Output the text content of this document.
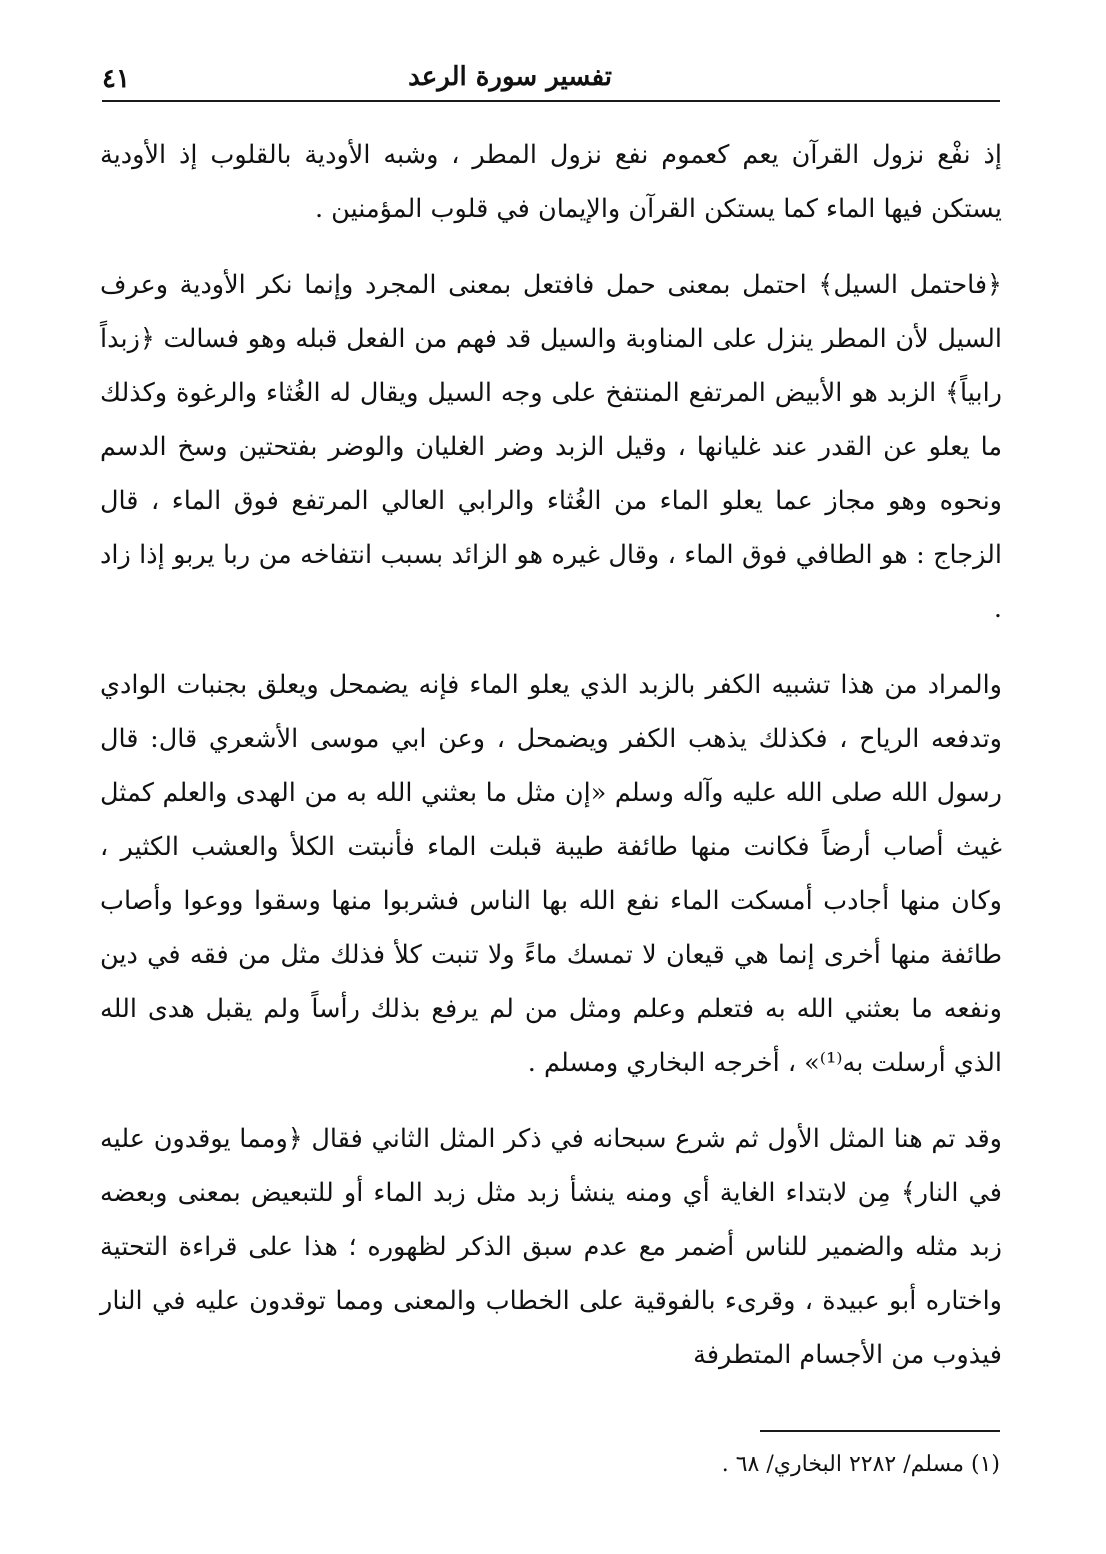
تفسير سورة الرعد
٤١

إذ نفْع نزول القرآن يعم كعموم نفع نزول المطر ، وشبه الأودية بالقلوب إذ الأودية يستكن فيها الماء كما يستكن القرآن والإيمان في قلوب المؤمنين .

﴿فاحتمل السيل﴾ احتمل بمعنى حمل فافتعل بمعنى المجرد وإنما نكر الأودية وعرف السيل لأن المطر ينزل على المناوبة والسيل قد فهم من الفعل قبله وهو فسالت ﴿زبداً رابياً﴾ الزبد هو الأبيض المرتفع المنتفخ على وجه السيل ويقال له الغُثاء والرغوة وكذلك ما يعلو عن القدر عند غليانها ، وقيل الزبد وضر الغليان والوضر بفتحتين وسخ الدسم ونحوه وهو مجاز عما يعلو الماء من الغُثاء والرابي العالي المرتفع فوق الماء ، قال الزجاج : هو الطافي فوق الماء ، وقال غيره هو الزائد بسبب انتفاخه من ربا يربو إذا زاد .

والمراد من هذا تشبيه الكفر بالزبد الذي يعلو الماء فإنه يضمحل ويعلق بجنبات الوادي وتدفعه الرياح ، فكذلك يذهب الكفر ويضمحل ، وعن ابي موسى الأشعري قال: قال رسول الله صلى الله عليه وآله وسلم «إن مثل ما بعثني الله به من الهدى والعلم كمثل غيث أصاب أرضاً فكانت منها طائفة طيبة قبلت الماء فأنبتت الكلأ والعشب الكثير ، وكان منها أجادب أمسكت الماء نفع الله بها الناس فشربوا منها وسقوا ووعوا وأصاب طائفة منها أخرى إنما هي قيعان لا تمسك ماءً ولا تنبت كلأ فذلك مثل من فقه في دين ونفعه ما بعثني الله به فتعلم وعلم ومثل من لم يرفع بذلك رأساً ولم يقبل هدى الله الذي أرسلت به⁽¹⁾» ، أخرجه البخاري ومسلم .

وقد تم هنا المثل الأول ثم شرع سبحانه في ذكر المثل الثاني فقال ﴿ومما يوقدون عليه في النار﴾ مِن لابتداء الغاية أي ومنه ينشأ زبد مثل زبد الماء أو للتبعيض بمعنى وبعضه زبد مثله والضمير للناس أضمر مع عدم سبق الذكر لظهوره ؛ هذا على قراءة التحتية واختاره أبو عبيدة ، وقرىء بالفوقية على الخطاب والمعنى ومما توقدون عليه في النار فيذوب من الأجسام المتطرفة

(١) مسلم/ ٢٢٨٢ البخاري/ ٦٨ .
